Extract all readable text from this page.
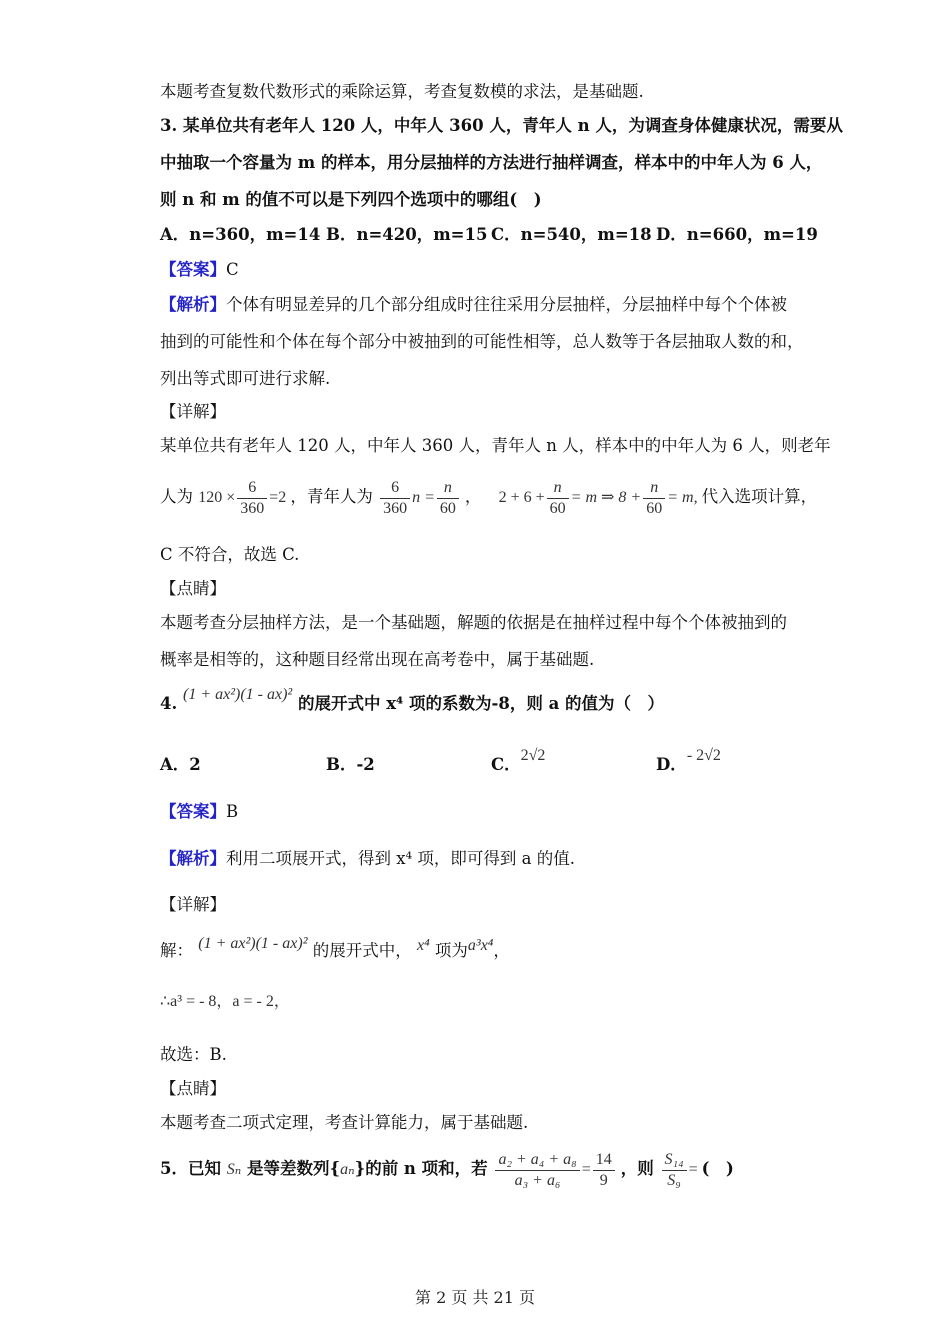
本题考查复数代数形式的乘除运算，考查复数模的求法，是基础题.
3. 某单位共有老年人 120 人，中年人 360 人，青年人 n 人，为调查身体健康状况，需要从
中抽取一个容量为 m 的样本，用分层抽样的方法进行抽样调查，样本中的中年人为 6 人，
则 n 和 m 的值不可以是下列四个选项中的哪组(　)
A．n=360，m=14 B．n=420，m=15 C．n=540，m=18 D．n=660，m=19
【答案】C
【解析】个体有明显差异的几个部分组成时往往采用分层抽样，分层抽样中每个个体被
抽到的可能性和个体在每个部分中被抽到的可能性相等，总人数等于各层抽取人数的和，
列出等式即可进行求解.
【详解】
某单位共有老年人 120 人，中年人 360 人，青年人 n 人，样本中的中年人为 6 人，则老年
人为 $120 \times \frac{6}{360} =2$ ，青年人为 $\frac{6}{360}$ $n = \frac{n}{60}$ ， $2 + 6 + \frac{n}{60} = m$ ⇒ $8 + \frac{n}{60} = m$, 代入选项计算，
C 不符合，故选 C.
【点睛】
本题考查分层抽样方法，是一个基础题，解题的依据是在抽样过程中每个个体被抽到的
概率是相等的，这种题目经常出现在高考卷中，属于基础题.
4. (1 + ax²)(1 - ax)² 的展开式中 x⁴ 项的系数为-8，则 a 的值为（　）
A．2	B．-2	C．2√2	D．- 2√2
【答案】B
【解析】利用二项展开式，得到 x⁴ 项，即可得到 a 的值.
【详解】
解： (1 + ax²)(1 - ax)² 的展开式中， x⁴ 项为a³x⁴，
∴a³ = - 8，a = - 2，
故选：B.
【点睛】
本题考查二项式定理，考查计算能力，属于基础题.
5．已知 Sₙ 是等差数列{aₙ}的前 n 项和，若 $\frac{\text{a₂ + a₄ + a₈}}{\text{a₃ + a₆}} = \frac{14}{9}$ ，则 $\frac{\text{S₁₄}}{\text{S₉}}$ = (　)
第 2 页 共 21 页
